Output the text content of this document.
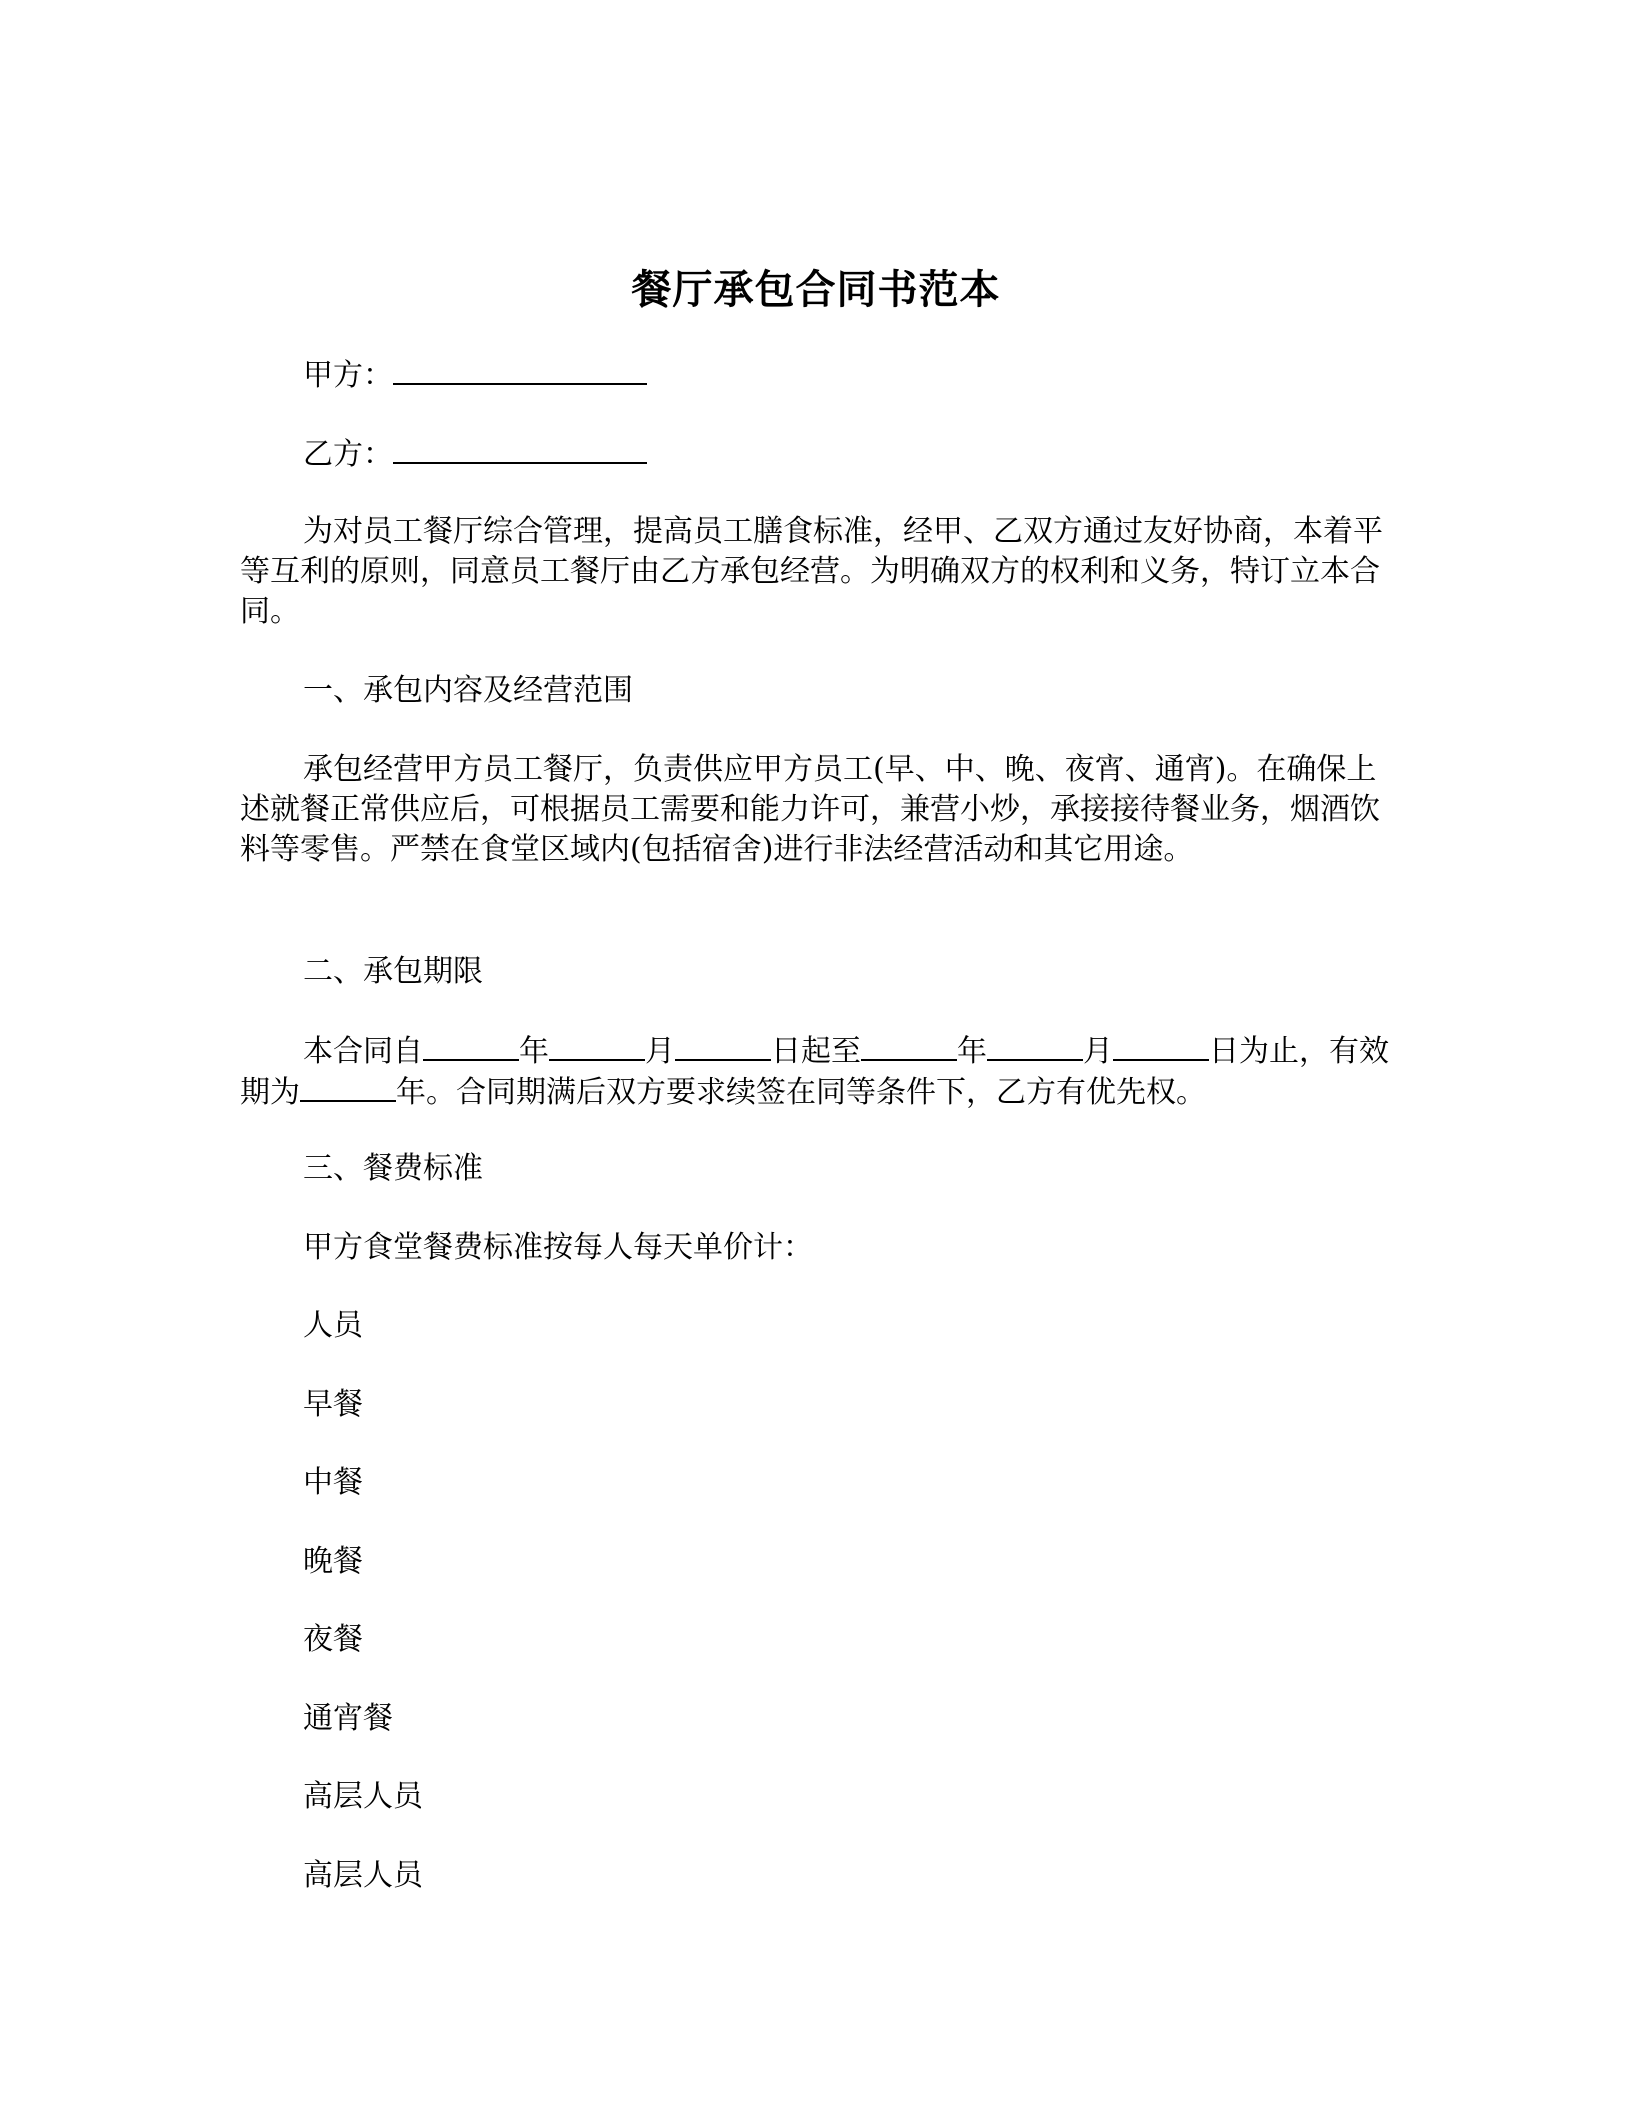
餐厅承包合同书范本
甲方：
乙方：

为对员工餐厅综合管理，提高员工膳食标准，经甲、乙双方通过友好协商，本着平等互利的原则，同意员工餐厅由乙方承包经营。为明确双方的权利和义务，特订立本合同。

一、承包内容及经营范围

承包经营甲方员工餐厅，负责供应甲方员工(早、中、晚、夜宵、通宵)。在确保上述就餐正常供应后，可根据员工需要和能力许可，兼营小炒，承接接待餐业务，烟酒饮料等零售。严禁在食堂区域内(包括宿舍)进行非法经营活动和其它用途。

二、承包期限

本合同自	年	月	日起至	年	月	日为止，有效期为	年。合同期满后双方要求续签在同等条件下，乙方有优先权。

三、餐费标准
甲方食堂餐费标准按每人每天单价计：
人员
早餐
中餐
晚餐
夜餐
通宵餐
高层人员
高层人员
